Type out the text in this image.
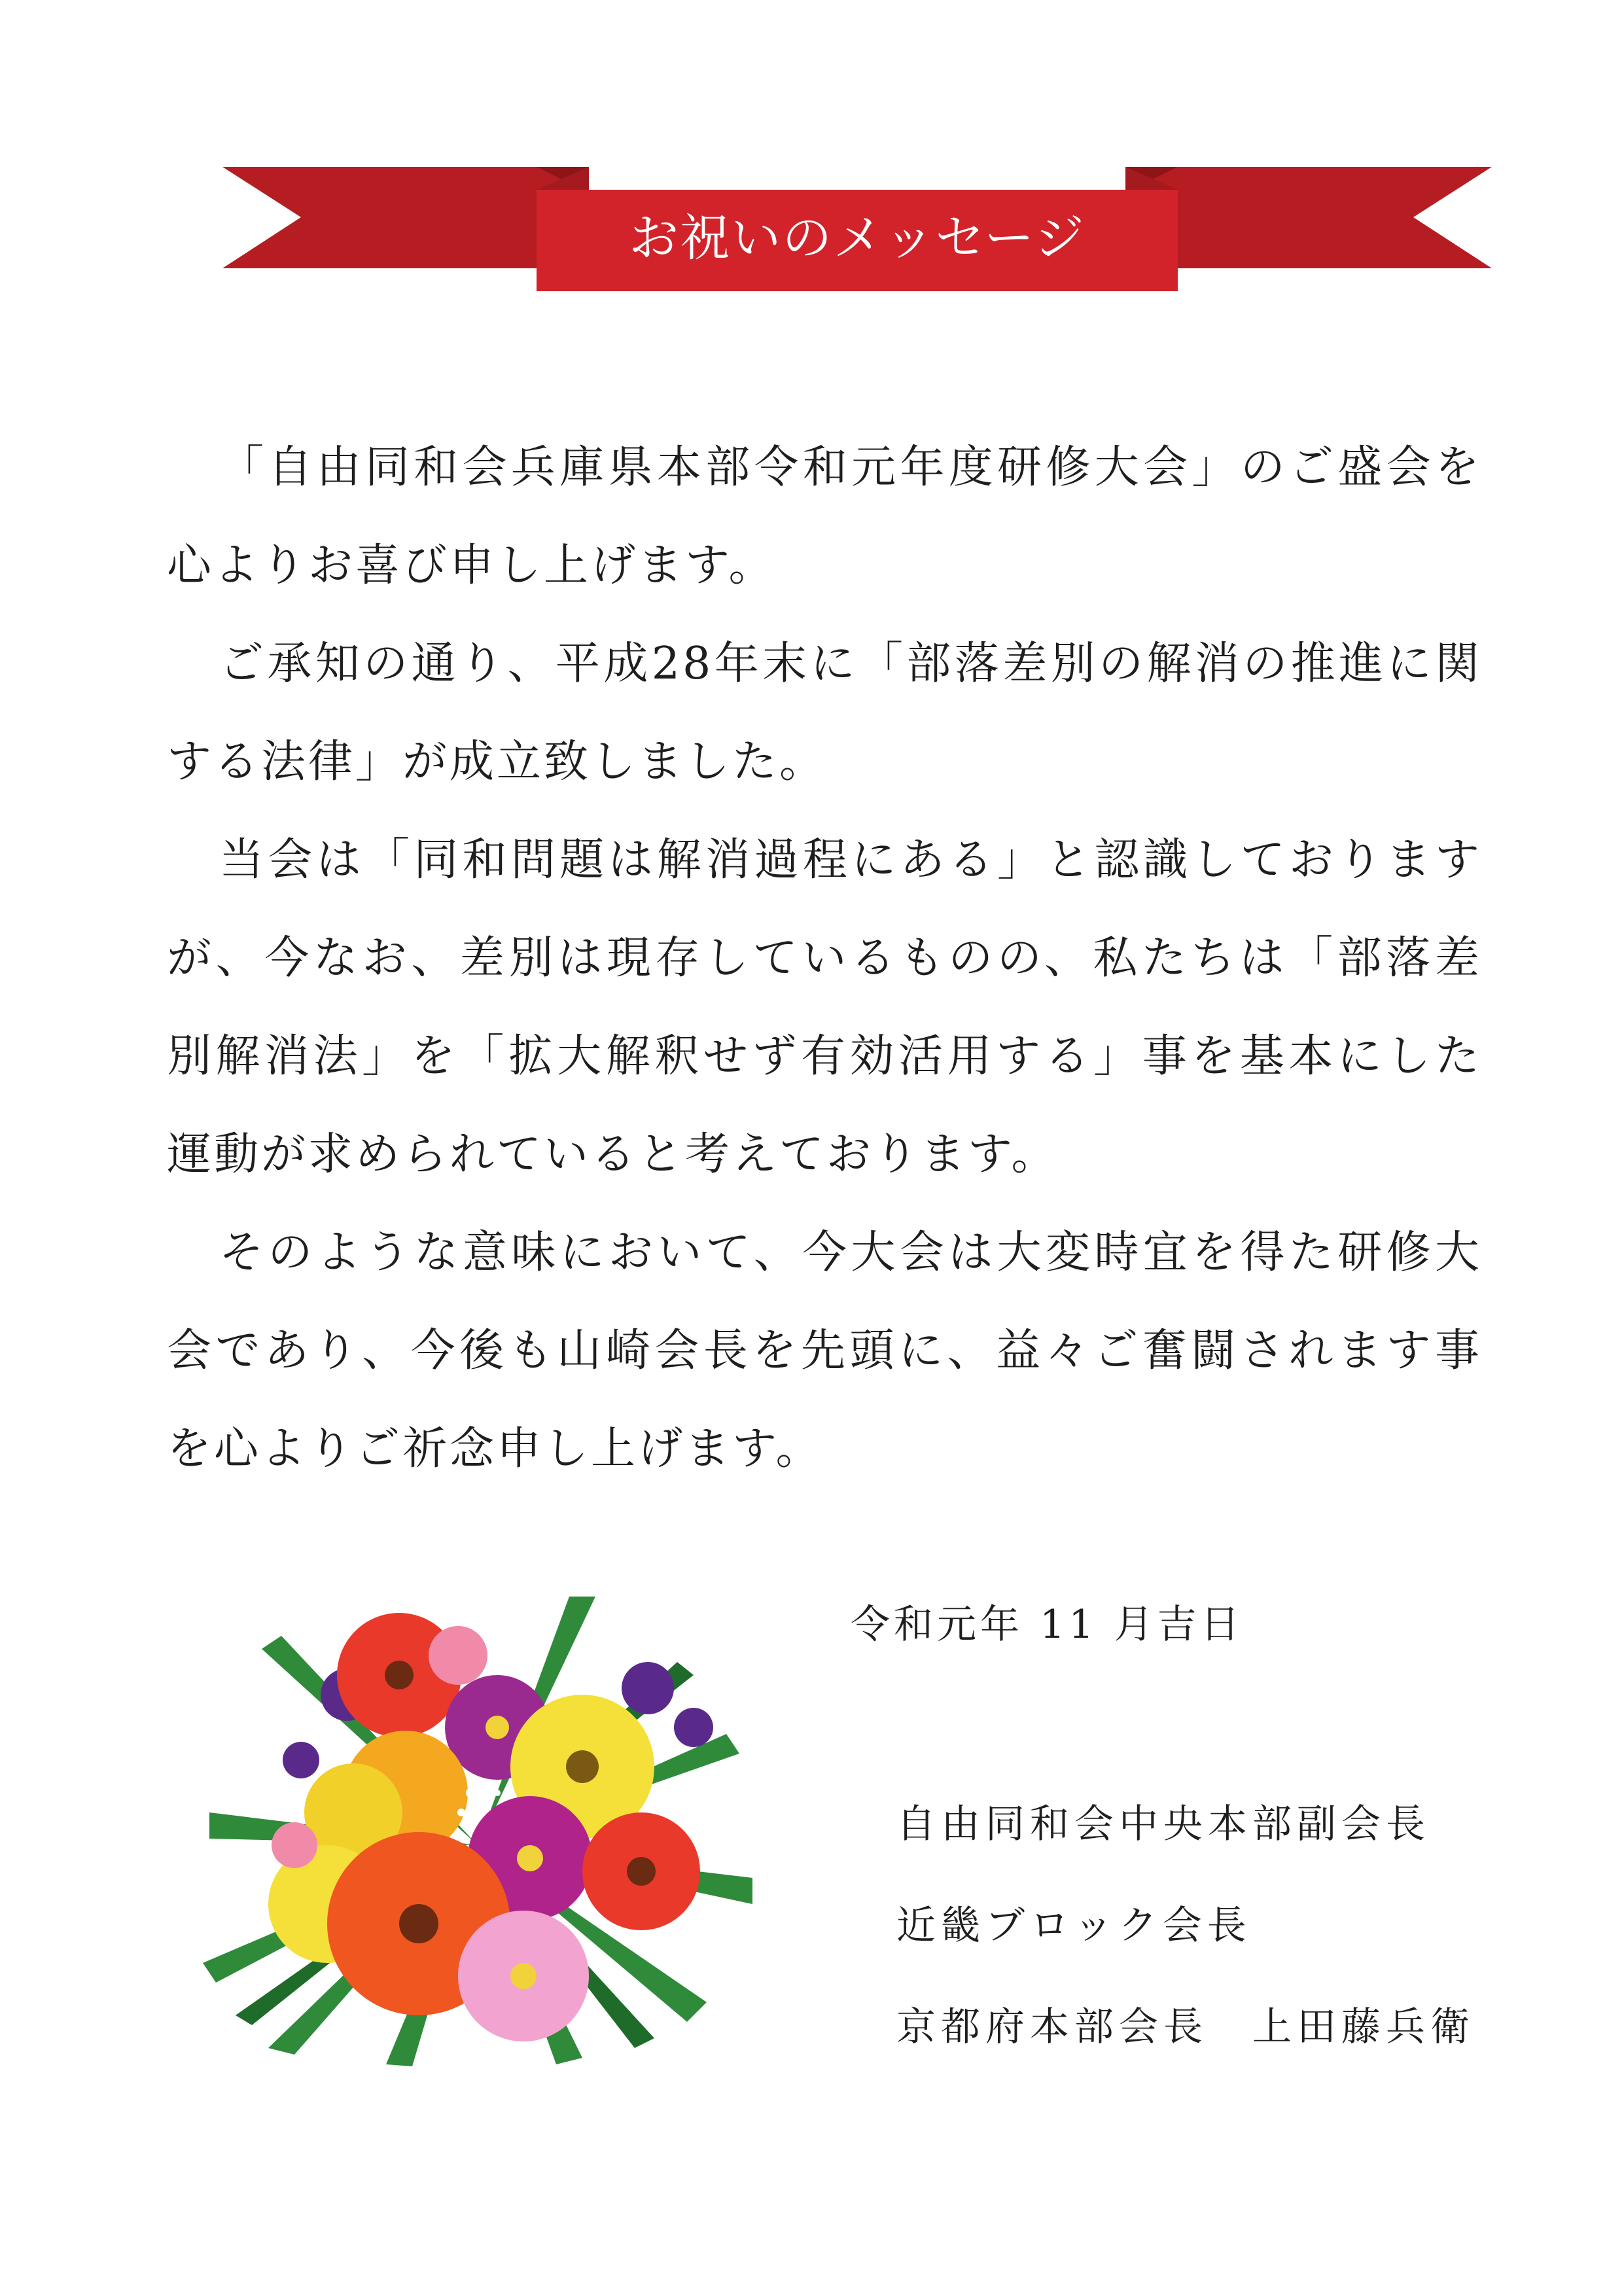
お祝いのメッセージ

「自由同和会兵庫県本部令和元年度研修大会」のご盛会を心よりお喜び申し上げます。

ご承知の通り、平成28年末に「部落差別の解消の推進に関する法律」が成立致しました。

当会は「同和問題は解消過程にある」と認識しておりますが、今なお、差別は現存しているものの、私たちは「部落差別解消法」を「拡大解釈せず有効活用する」事を基本にした運動が求められていると考えております。

そのような意味において、今大会は大変時宜を得た研修大会であり、今後も山崎会長を先頭に、益々ご奮闘されます事を心よりご祈念申し上げます。

令和元年 11 月吉日
自由同和会中央本部副会長
近畿ブロック会長
京都府本部会長　上田藤兵衛
